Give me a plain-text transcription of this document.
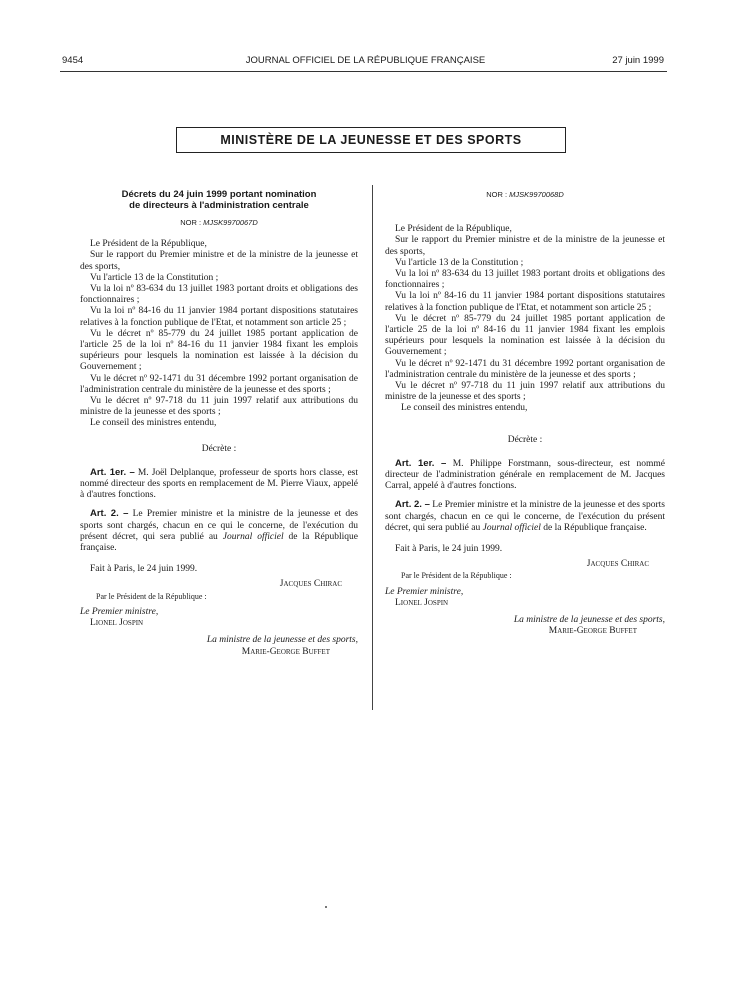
9454	JOURNAL OFFICIEL DE LA RÉPUBLIQUE FRANÇAISE	27 juin 1999
MINISTÈRE DE LA JEUNESSE ET DES SPORTS

Décrets du 24 juin 1999 portant nomination

de directeurs à l'administration centrale

NOR : MJSK9970067D

Le Président de la République,

Sur le rapport du Premier ministre et de la ministre de la jeunesse et des sports,

Vu l'article 13 de la Constitution ;

Vu la loi nº 83-634 du 13 juillet 1983 portant droits et obligations des fonctionnaires ;

Vu la loi nº 84-16 du 11 janvier 1984 portant dispositions statutaires relatives à la fonction publique de l'Etat, et notamment son article 25 ;

Vu le décret nº 85-779 du 24 juillet 1985 portant application de l'article 25 de la loi nº 84-16 du 11 janvier 1984 fixant les emplois supérieurs pour lesquels la nomination est laissée à la décision du Gouvernement ;

Vu le décret nº 92-1471 du 31 décembre 1992 portant organisation de l'administration centrale du ministère de la jeunesse et des sports ;

Vu le décret nº 97-718 du 11 juin 1997 relatif aux attributions du ministre de la jeunesse et des sports ;

Le conseil des ministres entendu,

Décrète :

Art. 1er. – M. Joël Delplanque, professeur de sports hors classe, est nommé directeur des sports en remplacement de M. Pierre Viaux, appelé à d'autres fonctions.

Art. 2. – Le Premier ministre et la ministre de la jeunesse et des sports sont chargés, chacun en ce qui le concerne, de l'exécution du présent décret, qui sera publié au Journal officiel de la République française.

Fait à Paris, le 24 juin 1999.

Jacques Chirac

Par le Président de la République :

Le Premier ministre,

Lionel Jospin

La ministre de la jeunesse et des sports,

Marie-George Buffet

NOR : MJSK9970068D

Le Président de la République,

Sur le rapport du Premier ministre et de la ministre de la jeunesse et des sports,

Vu l'article 13 de la Constitution ;

Vu la loi nº 83-634 du 13 juillet 1983 portant droits et obligations des fonctionnaires ;

Vu la loi nº 84-16 du 11 janvier 1984 portant dispositions statutaires relatives à la fonction publique de l'Etat, et notamment son article 25 ;

Vu le décret nº 85-779 du 24 juillet 1985 portant application de l'article 25 de la loi nº 84-16 du 11 janvier 1984 fixant les emplois supérieurs pour lesquels la nomination est laissée à la décision du Gouvernement ;

Vu le décret nº 92-1471 du 31 décembre 1992 portant organisation de l'administration centrale du ministère de la jeunesse et des sports ;

Vu le décret nº 97-718 du 11 juin 1997 relatif aux attributions du ministre de la jeunesse et des sports ;

Le conseil des ministres entendu,

Décrète :

Art. 1er. – M. Philippe Forstmann, sous-directeur, est nommé directeur de l'administration générale en remplacement de M. Jacques Carral, appelé à d'autres fonctions.

Art. 2. – Le Premier ministre et la ministre de la jeunesse et des sports sont chargés, chacun en ce qui le concerne, de l'exécution du présent décret, qui sera publié au Journal officiel de la République française.

Fait à Paris, le 24 juin 1999.

Jacques Chirac

Par le Président de la République :

Le Premier ministre,

Lionel Jospin

La ministre de la jeunesse et des sports,

Marie-George Buffet
